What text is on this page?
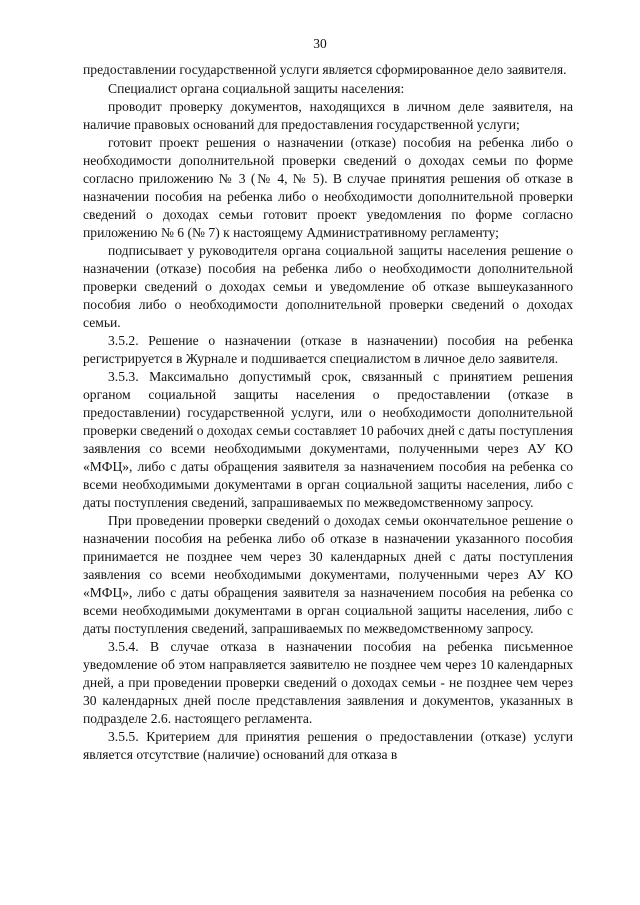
30

предоставлении государственной услуги является сформированное дело заявителя.

Специалист органа социальной защиты населения:

проводит проверку документов, находящихся в личном деле заявителя, на наличие правовых оснований для предоставления государственной услуги;

готовит проект решения о назначении (отказе) пособия на ребенка либо о необходимости дополнительной проверки сведений о доходах семьи по форме согласно приложению № 3 (№ 4, № 5). В случае принятия решения об отказе в назначении пособия на ребенка либо о необходимости дополнительной проверки сведений о доходах семьи готовит проект уведомления по форме согласно приложению № 6 (№ 7) к настоящему Административному регламенту;

подписывает у руководителя органа социальной защиты населения решение о назначении (отказе) пособия на ребенка либо о необходимости дополнительной проверки сведений о доходах семьи и уведомление об отказе вышеуказанного пособия либо о необходимости дополнительной проверки сведений о доходах семьи.

3.5.2. Решение о назначении (отказе в назначении) пособия на ребенка регистрируется в Журнале и подшивается специалистом в личное дело заявителя.

3.5.3. Максимально допустимый срок, связанный с принятием решения органом социальной защиты населения о предоставлении (отказе в предоставлении) государственной услуги, или о необходимости дополнительной проверки сведений о доходах семьи составляет 10 рабочих дней с даты поступления заявления со всеми необходимыми документами, полученными через АУ КО «МФЦ», либо с даты обращения заявителя за назначением пособия на ребенка со всеми необходимыми документами в орган социальной защиты населения, либо с даты поступления сведений, запрашиваемых по межведомственному запросу.

При проведении проверки сведений о доходах семьи окончательное решение о назначении пособия на ребенка либо об отказе в назначении указанного пособия принимается не позднее чем через 30 календарных дней с даты поступления заявления со всеми необходимыми документами, полученными через АУ КО «МФЦ», либо с даты обращения заявителя за назначением пособия на ребенка со всеми необходимыми документами в орган социальной защиты населения, либо с даты поступления сведений, запрашиваемых по межведомственному запросу.

3.5.4. В случае отказа в назначении пособия на ребенка письменное уведомление об этом направляется заявителю не позднее чем через 10 календарных дней, а при проведении проверки сведений о доходах семьи - не позднее чем через 30 календарных дней после представления заявления и документов, указанных в подразделе 2.6. настоящего регламента.

3.5.5. Критерием для принятия решения о предоставлении (отказе) услуги является отсутствие (наличие) оснований для отказа в
